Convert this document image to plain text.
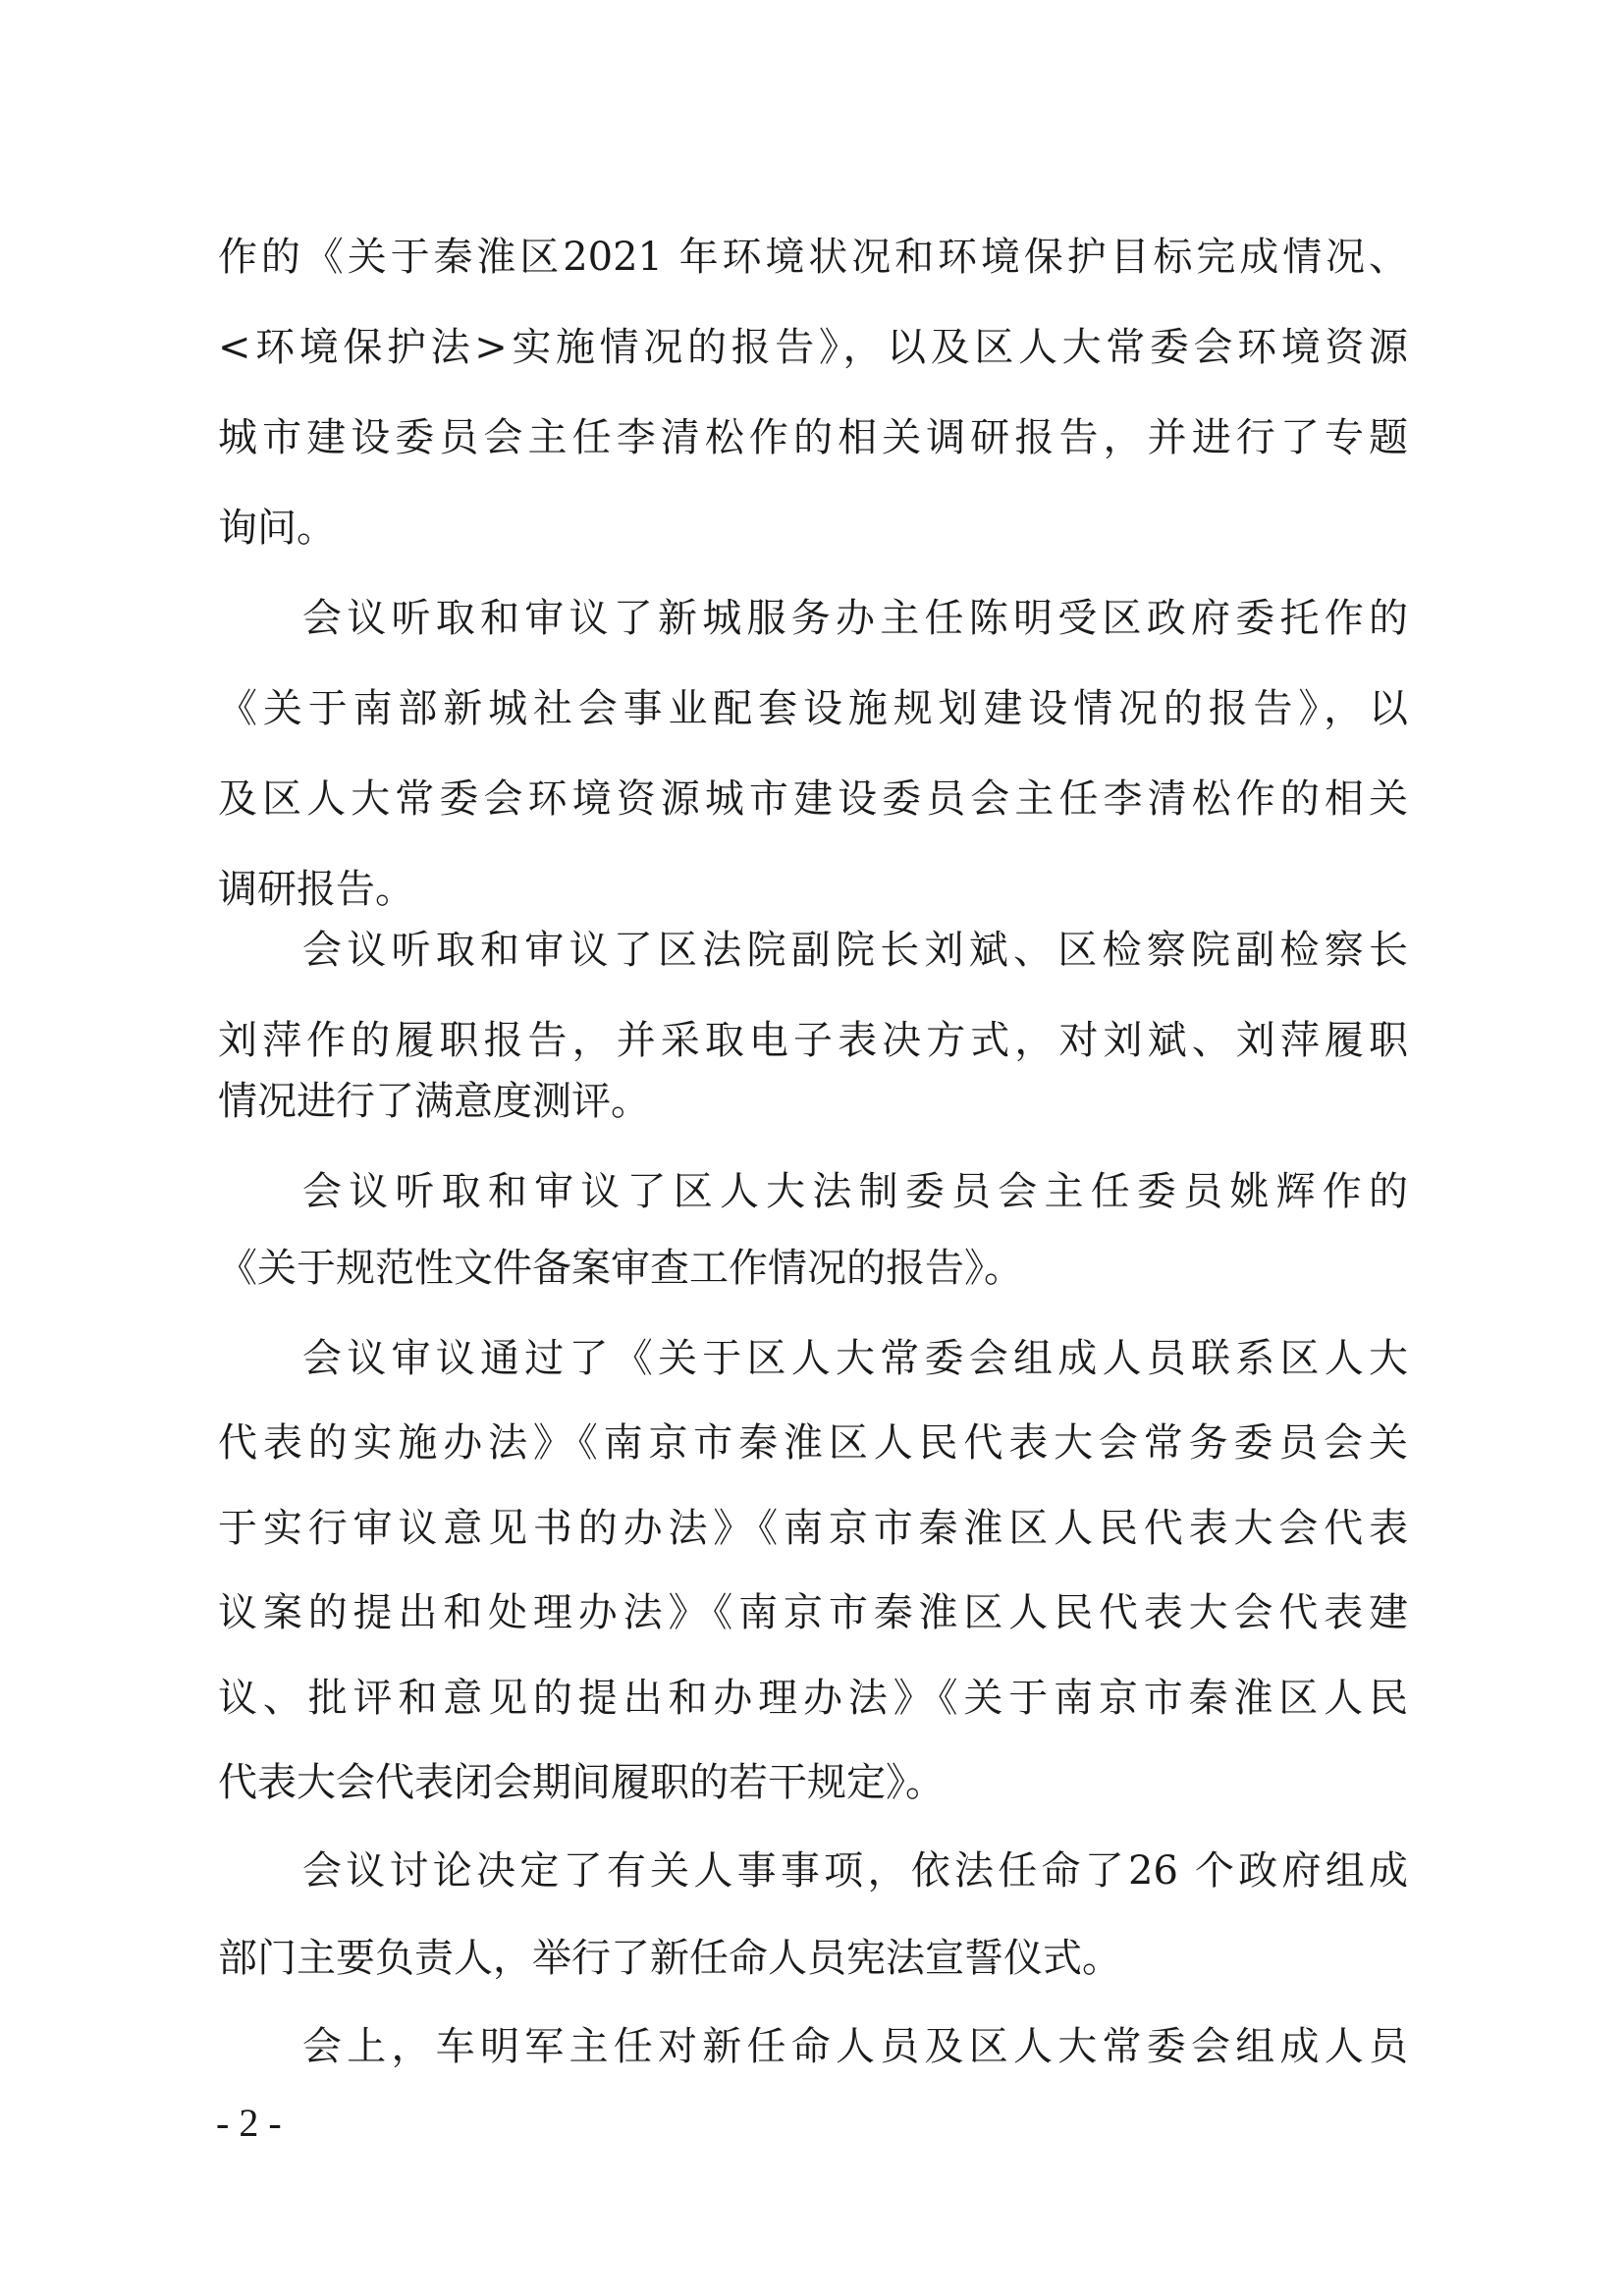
作的《关于秦淮区2021 年环境状况和环境保护目标完成情况、
<环境保护法>实施情况的报告》，以及区人大常委会环境资源
城市建设委员会主任李清松作的相关调研报告，并进行了专题
询问。
会议听取和审议了新城服务办主任陈明受区政府委托作的
《关于南部新城社会事业配套设施规划建设情况的报告》，以
及区人大常委会环境资源城市建设委员会主任李清松作的相关
调研报告。
会议听取和审议了区法院副院长刘斌、区检察院副检察长
刘萍作的履职报告，并采取电子表决方式，对刘斌、刘萍履职
情况进行了满意度测评。
会议听取和审议了区人大法制委员会主任委员姚辉作的
《关于规范性文件备案审查工作情况的报告》。
会议审议通过了《关于区人大常委会组成人员联系区人大
代表的实施办法》《南京市秦淮区人民代表大会常务委员会关
于实行审议意见书的办法》《南京市秦淮区人民代表大会代表
议案的提出和处理办法》《南京市秦淮区人民代表大会代表建
议、批评和意见的提出和办理办法》《关于南京市秦淮区人民
代表大会代表闭会期间履职的若干规定》。
会议讨论决定了有关人事事项，依法任命了26 个政府组成
部门主要负责人，举行了新任命人员宪法宣誓仪式。
会上，车明军主任对新任命人员及区人大常委会组成人员
- 2 -
